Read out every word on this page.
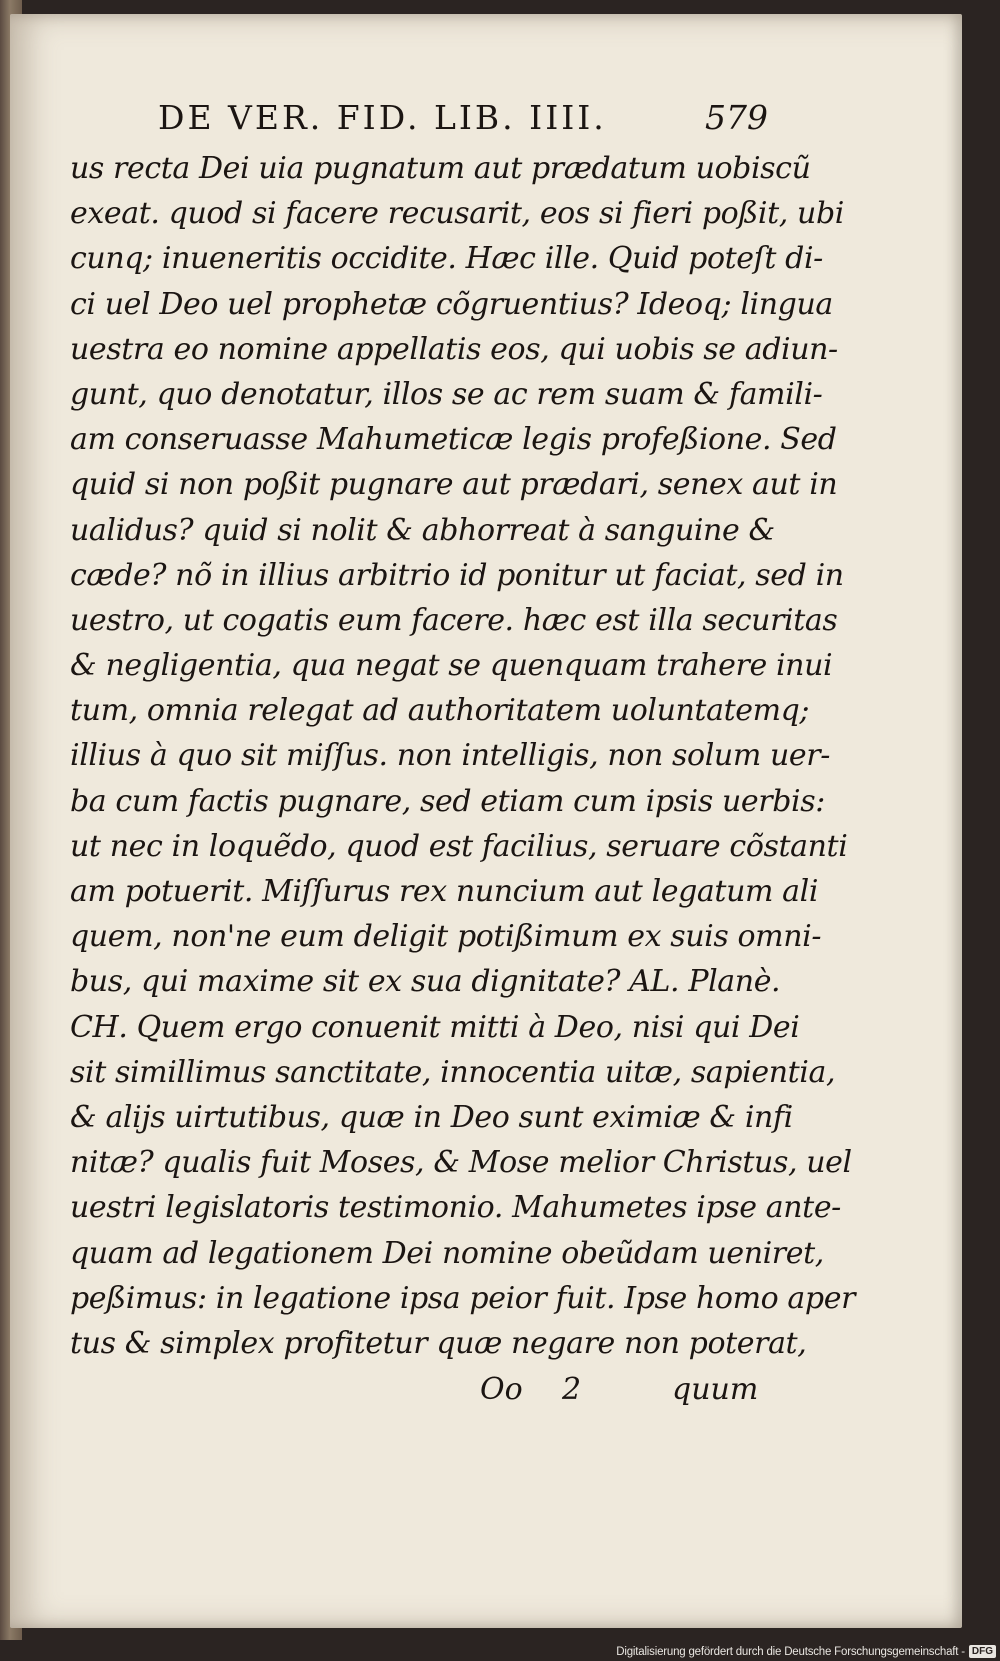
DE VER. FID. LIB. IIII.	579
us recta Dei uia pugnatum aut prædatum uobiscũ
exeat. quod si facere recusarit, eos si fieri poßit, ubi
cunq; inueneritis occidite. Hæc ille. Quid poteſt di-
ci uel Deo uel prophetæ cõgruentius? Ideoq; lingua
uestra eo nomine appellatis eos, qui uobis se adiun-
gunt, quo denotatur, illos se ac rem suam & famili-
am conseruasse Mahumeticæ legis profeßione. Sed
quid si non poßit pugnare aut prædari, senex aut in
ualidus? quid si nolit & abhorreat à sanguine &
cæde? nõ in illius arbitrio id ponitur ut faciat, sed in
uestro, ut cogatis eum facere. hæc est illa securitas
& negligentia, qua negat se quenquam trahere inui
tum, omnia relegat ad authoritatem uoluntatemq;
illius à quo sit miſſus. non intelligis, non solum uer-
ba cum factis pugnare, sed etiam cum ipsis uerbis:
ut nec in loquẽdo, quod est facilius, seruare cõstanti
am potuerit. Miſſurus rex nuncium aut legatum ali
quem, non'ne eum deligit potißimum ex suis omni-
bus, qui maxime sit ex sua dignitate? AL. Planè.
CH. Quem ergo conuenit mitti à Deo, nisi qui Dei
sit simillimus sanctitate, innocentia uitæ, sapientia,
& alijs uirtutibus, quæ in Deo sunt eximiæ & infi
nitæ? qualis fuit Moses, & Mose melior Christus, uel
uestri legislatoris testimonio. Mahumetes ipse ante-
quam ad legationem Dei nomine obeũdam ueniret,
peßimus: in legatione ipsa peior fuit. Ipse homo aper
tus & simplex profitetur quæ negare non poterat,
Oo 2	quum
Digitalisierung gefördert durch die Deutsche Forschungsgemeinschaft - DFG
